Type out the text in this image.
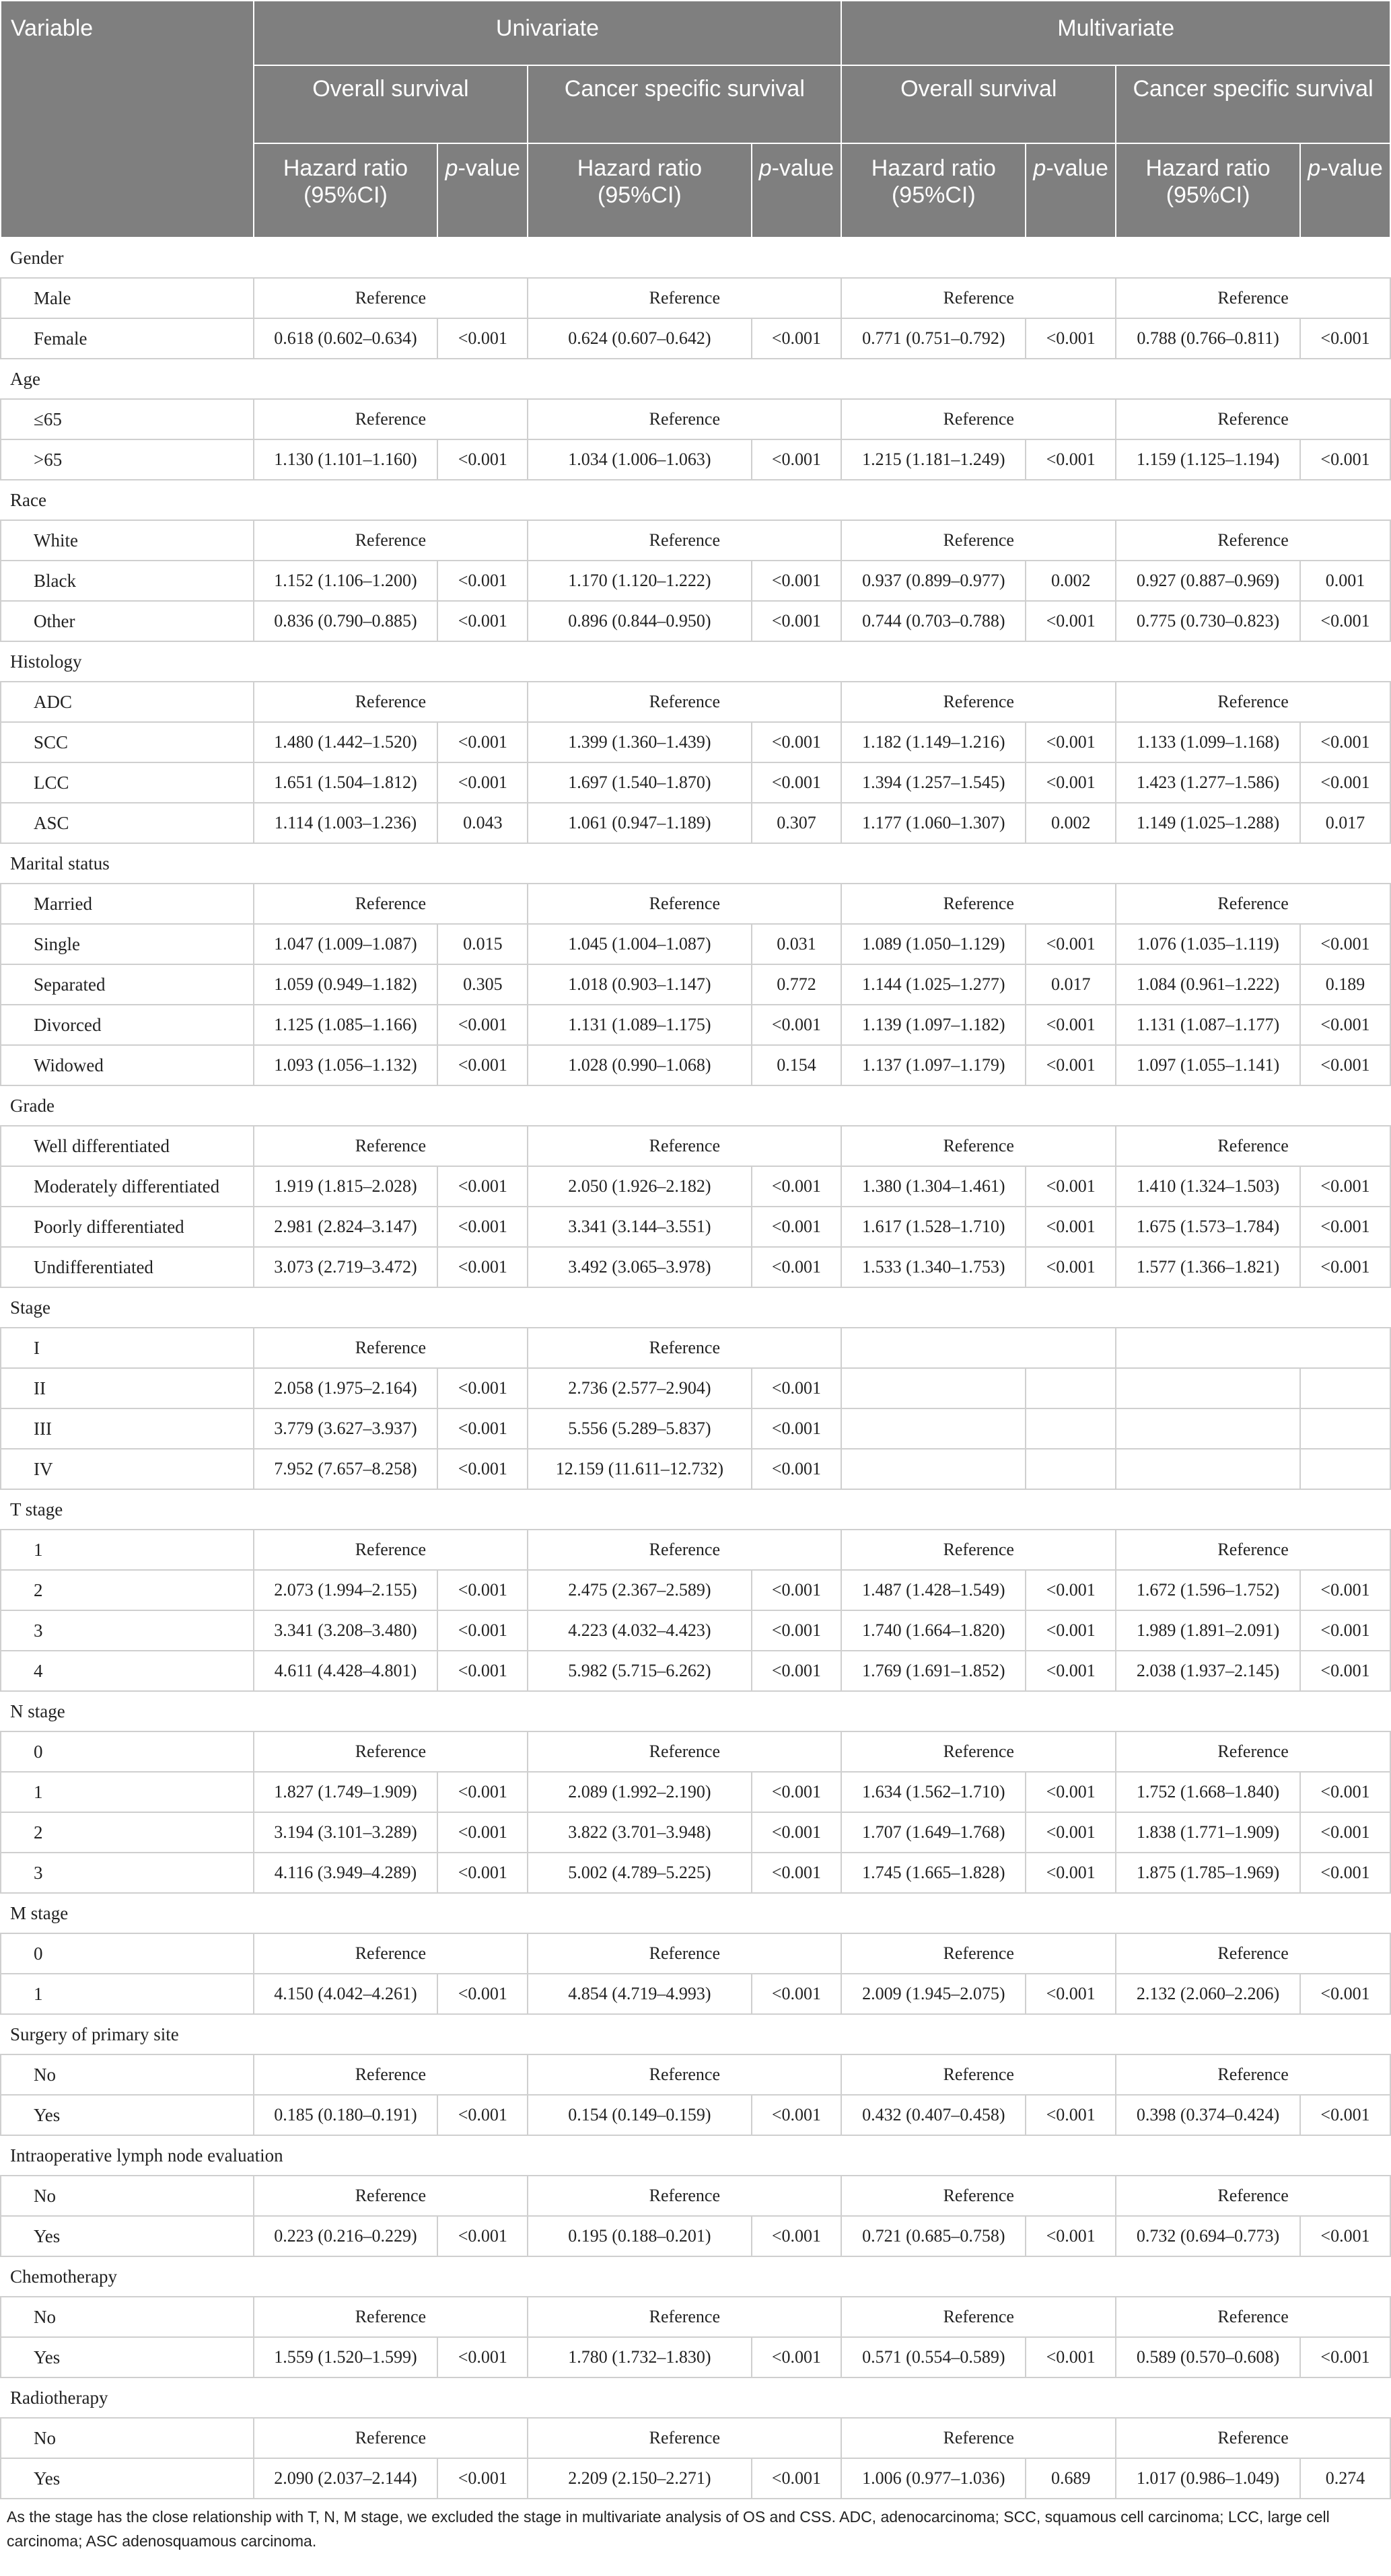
Variable	Univariate				Multivariate			
	Overall survival		Cancer specific survival		Overall survival		Cancer specific survival	
	Hazard ratio (95%CI)	p-value	Hazard ratio (95%CI)	p-value	Hazard ratio (95%CI)	p-value	Hazard ratio (95%CI)	p-value
Gender								
Male	Reference		Reference		Reference		Reference	
Female	0.618 (0.602–0.634)	<0.001	0.624 (0.607–0.642)	<0.001	0.771 (0.751–0.792)	<0.001	0.788 (0.766–0.811)	<0.001
Age								
≤65	Reference		Reference		Reference		Reference	
>65	1.130 (1.101–1.160)	<0.001	1.034 (1.006–1.063)	<0.001	1.215 (1.181–1.249)	<0.001	1.159 (1.125–1.194)	<0.001
Race								
White	Reference		Reference		Reference		Reference	
Black	1.152 (1.106–1.200)	<0.001	1.170 (1.120–1.222)	<0.001	0.937 (0.899–0.977)	0.002	0.927 (0.887–0.969)	0.001
Other	0.836 (0.790–0.885)	<0.001	0.896 (0.844–0.950)	<0.001	0.744 (0.703–0.788)	<0.001	0.775 (0.730–0.823)	<0.001
Histology								
ADC	Reference		Reference		Reference		Reference	
SCC	1.480 (1.442–1.520)	<0.001	1.399 (1.360–1.439)	<0.001	1.182 (1.149–1.216)	<0.001	1.133 (1.099–1.168)	<0.001
LCC	1.651 (1.504–1.812)	<0.001	1.697 (1.540–1.870)	<0.001	1.394 (1.257–1.545)	<0.001	1.423 (1.277–1.586)	<0.001
ASC	1.114 (1.003–1.236)	0.043	1.061 (0.947–1.189)	0.307	1.177 (1.060–1.307)	0.002	1.149 (1.025–1.288)	0.017
Marital status								
Married	Reference		Reference		Reference		Reference	
Single	1.047 (1.009–1.087)	0.015	1.045 (1.004–1.087)	0.031	1.089 (1.050–1.129)	<0.001	1.076 (1.035–1.119)	<0.001
Separated	1.059 (0.949–1.182)	0.305	1.018 (0.903–1.147)	0.772	1.144 (1.025–1.277)	0.017	1.084 (0.961–1.222)	0.189
Divorced	1.125 (1.085–1.166)	<0.001	1.131 (1.089–1.175)	<0.001	1.139 (1.097–1.182)	<0.001	1.131 (1.087–1.177)	<0.001
Widowed	1.093 (1.056–1.132)	<0.001	1.028 (0.990–1.068)	0.154	1.137 (1.097–1.179)	<0.001	1.097 (1.055–1.141)	<0.001
Grade								
Well differentiated	Reference		Reference		Reference		Reference	
Moderately differentiated	1.919 (1.815–2.028)	<0.001	2.050 (1.926–2.182)	<0.001	1.380 (1.304–1.461)	<0.001	1.410 (1.324–1.503)	<0.001
Poorly differentiated	2.981 (2.824–3.147)	<0.001	3.341 (3.144–3.551)	<0.001	1.617 (1.528–1.710)	<0.001	1.675 (1.573–1.784)	<0.001
Undifferentiated	3.073 (2.719–3.472)	<0.001	3.492 (3.065–3.978)	<0.001	1.533 (1.340–1.753)	<0.001	1.577 (1.366–1.821)	<0.001
Stage								
I	Reference		Reference					
II	2.058 (1.975–2.164)	<0.001	2.736 (2.577–2.904)	<0.001				
III	3.779 (3.627–3.937)	<0.001	5.556 (5.289–5.837)	<0.001				
IV	7.952 (7.657–8.258)	<0.001	12.159 (11.611–12.732)	<0.001				
T stage								
1	Reference		Reference		Reference		Reference	
2	2.073 (1.994–2.155)	<0.001	2.475 (2.367–2.589)	<0.001	1.487 (1.428–1.549)	<0.001	1.672 (1.596–1.752)	<0.001
3	3.341 (3.208–3.480)	<0.001	4.223 (4.032–4.423)	<0.001	1.740 (1.664–1.820)	<0.001	1.989 (1.891–2.091)	<0.001
4	4.611 (4.428–4.801)	<0.001	5.982 (5.715–6.262)	<0.001	1.769 (1.691–1.852)	<0.001	2.038 (1.937–2.145)	<0.001
N stage								
0	Reference		Reference		Reference		Reference	
1	1.827 (1.749–1.909)	<0.001	2.089 (1.992–2.190)	<0.001	1.634 (1.562–1.710)	<0.001	1.752 (1.668–1.840)	<0.001
2	3.194 (3.101–3.289)	<0.001	3.822 (3.701–3.948)	<0.001	1.707 (1.649–1.768)	<0.001	1.838 (1.771–1.909)	<0.001
3	4.116 (3.949–4.289)	<0.001	5.002 (4.789–5.225)	<0.001	1.745 (1.665–1.828)	<0.001	1.875 (1.785–1.969)	<0.001
M stage								
0	Reference		Reference		Reference		Reference	
1	4.150 (4.042–4.261)	<0.001	4.854 (4.719–4.993)	<0.001	2.009 (1.945–2.075)	<0.001	2.132 (2.060–2.206)	<0.001
Surgery of primary site								
No	Reference		Reference		Reference		Reference	
Yes	0.185 (0.180–0.191)	<0.001	0.154 (0.149–0.159)	<0.001	0.432 (0.407–0.458)	<0.001	0.398 (0.374–0.424)	<0.001
Intraoperative lymph node evaluation								
No	Reference		Reference		Reference		Reference	
Yes	0.223 (0.216–0.229)	<0.001	0.195 (0.188–0.201)	<0.001	0.721 (0.685–0.758)	<0.001	0.732 (0.694–0.773)	<0.001
Chemotherapy								
No	Reference		Reference		Reference		Reference	
Yes	1.559 (1.520–1.599)	<0.001	1.780 (1.732–1.830)	<0.001	0.571 (0.554–0.589)	<0.001	0.589 (0.570–0.608)	<0.001
Radiotherapy								
No	Reference		Reference		Reference		Reference	
Yes	2.090 (2.037–2.144)	<0.001	2.209 (2.150–2.271)	<0.001	1.006 (0.977–1.036)	0.689	1.017 (0.986–1.049)	0.274
As the stage has the close relationship with T, N, M stage, we excluded the stage in multivariate analysis of OS and CSS. ADC, adenocarcinoma; SCC, squamous cell carcinoma; LCC, large cell carcinoma; ASC adenosquamous carcinoma.
